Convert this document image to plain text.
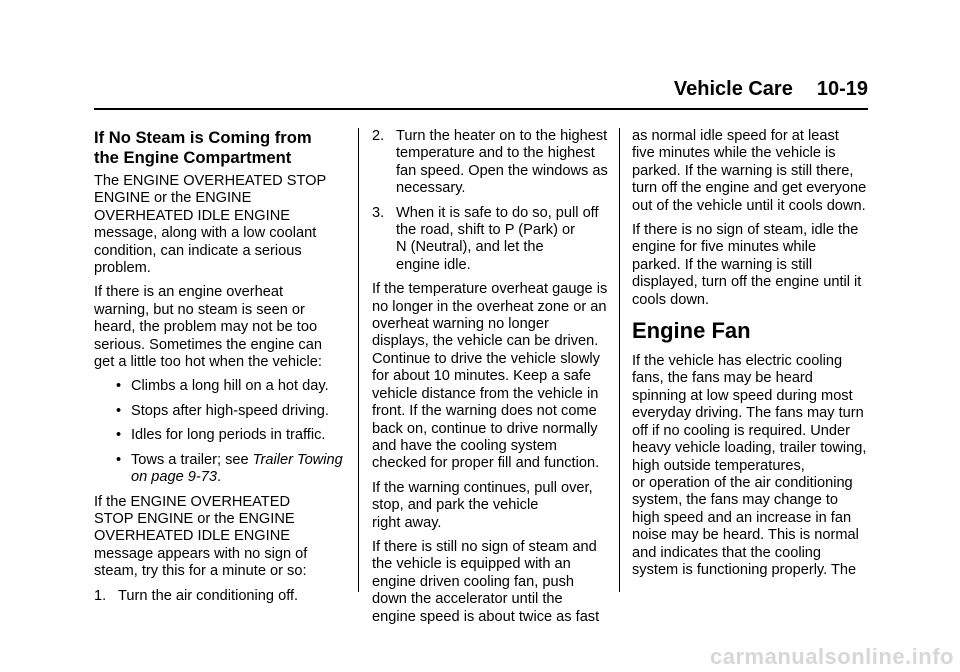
Vehicle Care 10-19
If No Steam is Coming from
the Engine Compartment
The ENGINE OVERHEATED STOP
ENGINE or the ENGINE
OVERHEATED IDLE ENGINE
message, along with a low coolant
condition, can indicate a serious
problem.
If there is an engine overheat
warning, but no steam is seen or
heard, the problem may not be too
serious. Sometimes the engine can
get a little too hot when the vehicle:
• Climbs a long hill on a hot day.
• Stops after high-speed driving.
• Idles for long periods in traffic.
• Tows a trailer; see Trailer Towing
on page 9-73.
If the ENGINE OVERHEATED
STOP ENGINE or the ENGINE
OVERHEATED IDLE ENGINE
message appears with no sign of
steam, try this for a minute or so:
1. Turn the air conditioning off.
2. Turn the heater on to the highest
temperature and to the highest
fan speed. Open the windows as
necessary.
3. When it is safe to do so, pull off
the road, shift to P (Park) or
N (Neutral), and let the
engine idle.
If the temperature overheat gauge is
no longer in the overheat zone or an
overheat warning no longer
displays, the vehicle can be driven.
Continue to drive the vehicle slowly
for about 10 minutes. Keep a safe
vehicle distance from the vehicle in
front. If the warning does not come
back on, continue to drive normally
and have the cooling system
checked for proper fill and function.
If the warning continues, pull over,
stop, and park the vehicle
right away.
If there is still no sign of steam and
the vehicle is equipped with an
engine driven cooling fan, push
down the accelerator until the
engine speed is about twice as fast
as normal idle speed for at least
five minutes while the vehicle is
parked. If the warning is still there,
turn off the engine and get everyone
out of the vehicle until it cools down.
If there is no sign of steam, idle the
engine for five minutes while
parked. If the warning is still
displayed, turn off the engine until it
cools down.
Engine Fan
If the vehicle has electric cooling
fans, the fans may be heard
spinning at low speed during most
everyday driving. The fans may turn
off if no cooling is required. Under
heavy vehicle loading, trailer towing,
high outside temperatures,
or operation of the air conditioning
system, the fans may change to
high speed and an increase in fan
noise may be heard. This is normal
and indicates that the cooling
system is functioning properly. The
carmanualsonline.info
